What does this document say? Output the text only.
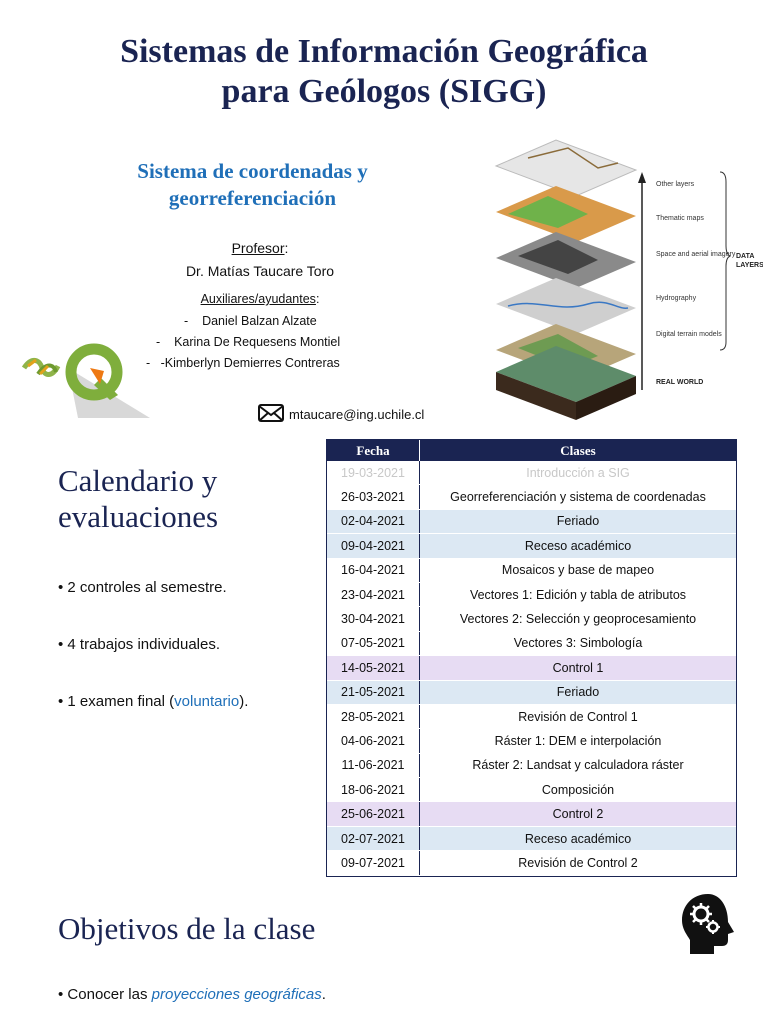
Sistemas de Información Geográfica
para Geólogos (SIGG)
Sistema de coordenadas y
georreferenciación
Profesor:
Dr. Matías Taucare Toro
Auxiliares/ayudantes:
- Daniel Balzan Alzate
- Karina De Requesens Montiel
- -Kimberlyn Demierres Contreras
Other layers
Thematic maps
Space and aerial imagery
Hydrography
Digital terrain models
REAL WORLD
DATA
LAYERS
mtaucare@ing.uchile.cl
Calendario y
evaluaciones
• 2 controles al semestre.
• 4 trabajos individuales.
• 1 examen final (voluntario).
Fecha	Clases
19-03-2021	Introducción a SIG
26-03-2021	Georreferenciación y sistema de coordenadas
02-04-2021	Feriado
09-04-2021	Receso académico
16-04-2021	Mosaicos y base de mapeo
23-04-2021	Vectores 1: Edición y tabla de atributos
30-04-2021	Vectores 2: Selección y geoprocesamiento
07-05-2021	Vectores 3: Simbología
14-05-2021	Control 1
21-05-2021	Feriado
28-05-2021	Revisión de Control 1
04-06-2021	Ráster 1: DEM e interpolación
11-06-2021	Ráster 2: Landsat y calculadora ráster
18-06-2021	Composición
25-06-2021	Control 2
02-07-2021	Receso académico
09-07-2021	Revisión de Control 2
Objetivos de la clase
• Conocer las proyecciones geográficas.
